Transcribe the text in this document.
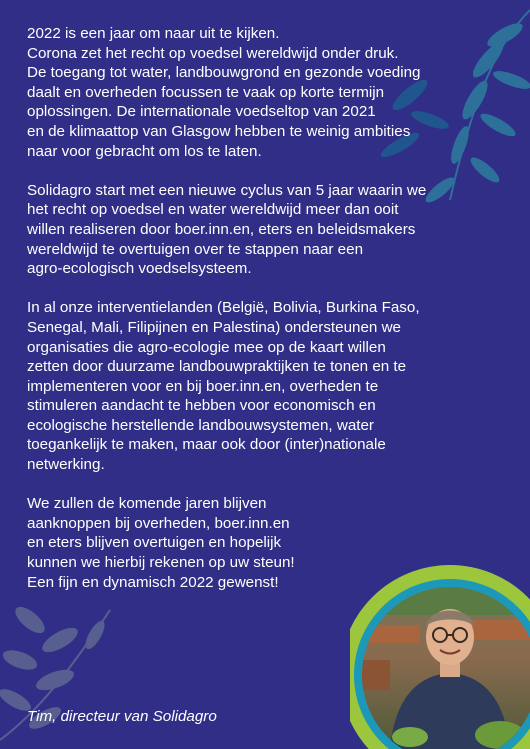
2022 is een jaar om naar uit te kijken.
Corona zet het recht op voedsel wereldwijd onder druk.
De toegang tot water, landbouwgrond en gezonde voeding
daalt en overheden focussen te vaak op korte termijn
oplossingen. De internationale voedseltop van 2021
en de klimaattop van Glasgow hebben te weinig ambities
naar voor gebracht om los te laten.

Solidagro start met een nieuwe cyclus van 5 jaar waarin we
het recht op voedsel en water wereldwijd meer dan ooit
willen realiseren door boer.inn.en, eters en beleidsmakers
wereldwijd te overtuigen over te stappen naar een
agro-ecologisch voedselsysteem.

In al onze interventielanden (België, Bolivia, Burkina Faso,
Senegal, Mali, Filipijnen en Palestina) ondersteunen we
organisaties die agro-ecologie mee op de kaart willen
zetten door duurzame landbouwpraktijken te tonen en te
implementeren voor en bij boer.inn.en, overheden te
stimuleren aandacht te hebben voor economisch en
ecologische herstellende landbouwsystemen, water
toegankelijk te maken, maar ook door (inter)nationale
netwerking.

We zullen de komende jaren blijven
aanknoppen bij overheden, boer.inn.en
en eters blijven overtuigen en hopelijk
kunnen we hierbij rekenen op uw steun!
Een fijn en dynamisch 2022 gewenst!

Tim, directeur van Solidagro
